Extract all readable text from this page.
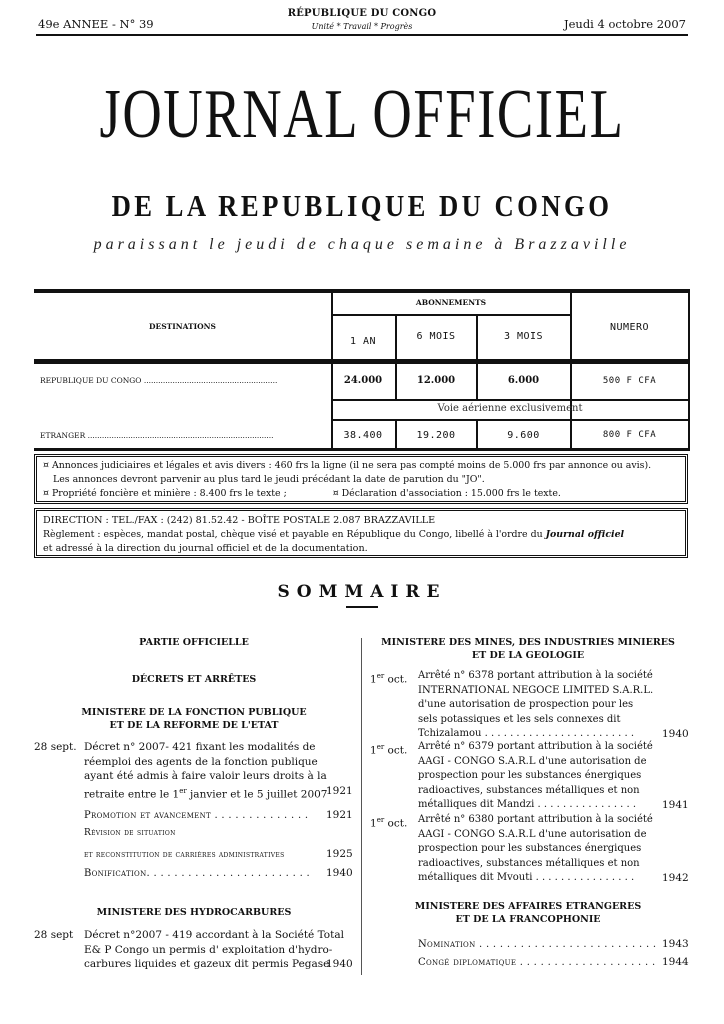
49e ANNEE - N° 39
RÉPUBLIQUE DU CONGO
Unité * Travail * Progrès	Jeudi 4 octobre 2007
JOURNAL OFFICIEL
DE LA REPUBLIQUE DU CONGO
paraissant le jeudi de chaque semaine à Brazzaville
DESTINATIONS
ABONNEMENTS
1 AN	6 MOIS	3 MOIS
NUMERO
REPUBLIQUE DU CONGO ........................................................	24.000	12.000	6.000	500 F CFA
Voie aérienne exclusivement
ETRANGER ..............................................................................	38.400	19.200	9.600	800 F CFA
¤ Annonces judiciaires et légales et avis divers : 460 frs la ligne (il ne sera pas compté moins de 5.000 frs par annonce ou avis).
Les annonces devront parvenir au plus tard le jeudi précédant la date de parution du "JO".
¤ Propriété foncière et minière : 8.400 frs le texte ;	¤ Déclaration d'association : 15.000 frs le texte.
DIRECTION : TEL./FAX : (242) 81.52.42 - BOÎTE POSTALE 2.087 BRAZZAVILLE
Règlement : espèces, mandat postal, chèque visé et payable en République du Congo, libellé à l'ordre du Journal officiel
et adressé à la direction du journal officiel et de la documentation.
SOMMAIRE
PARTIE OFFICIELLE
DÉCRETS ET ARRÊTES
MINISTERE DE LA FONCTION PUBLIQUE
ET DE LA REFORME DE L'ETAT
28 sept. Décret n° 2007- 421 fixant les modalités de
réemploi des agents de la fonction publique
ayant été admis à faire valoir leurs droits à la
retraite entre le 1er janvier et le 5 juillet 2007
1921
Promotion et avancement . . . . . . . . . . . . . . 1921
Révision de situation
et reconstitution de carrières administratives	1925
Bonification. . . . . . . . . . . . . . . . . . . . . . . . 1940
MINISTERE DES HYDROCARBURES
28 sept Décret n°2007 - 419 accordant à la Société Total
E& P Congo un permis d' exploitation d'hydro-
carbures liquides et gazeux dit permis Pegase
1940
MINISTERE DES MINES, DES INDUSTRIES MINIERES
ET DE LA GEOLOGIE
1er oct. Arrêté n° 6378 portant attribution à la société
INTERNATIONAL NEGOCE LIMITED S.A.R.L.
d'une autorisation de prospection pour les
sels potassiques et les sels connexes dit
Tchizalamou . . . . . . . . . . . . . . . . . . . . . . . .	1940
1er oct. Arrêté n° 6379 portant attribution à la société
AAGI - CONGO S.A.R.L d'une autorisation de
prospection pour les substances énergiques
radioactives, substances métalliques et non
métalliques dit Mandzi . . . . . . . . . . . . . . . .	1941
1er oct. Arrêté n° 6380 portant attribution à la société
AAGI - CONGO S.A.R.L d'une autorisation de
prospection pour les substances énergiques
radioactives, substances métalliques et non
métalliques dit Mvouti . . . . . . . . . . . . . . . .	1942
MINISTERE DES AFFAIRES ETRANGERES
ET DE LA FRANCOPHONIE
Nomination . . . . . . . . . . . . . . . . . . . . . . . . . . 1943
Congé diplomatique . . . . . . . . . . . . . . . . . . . . 1944
